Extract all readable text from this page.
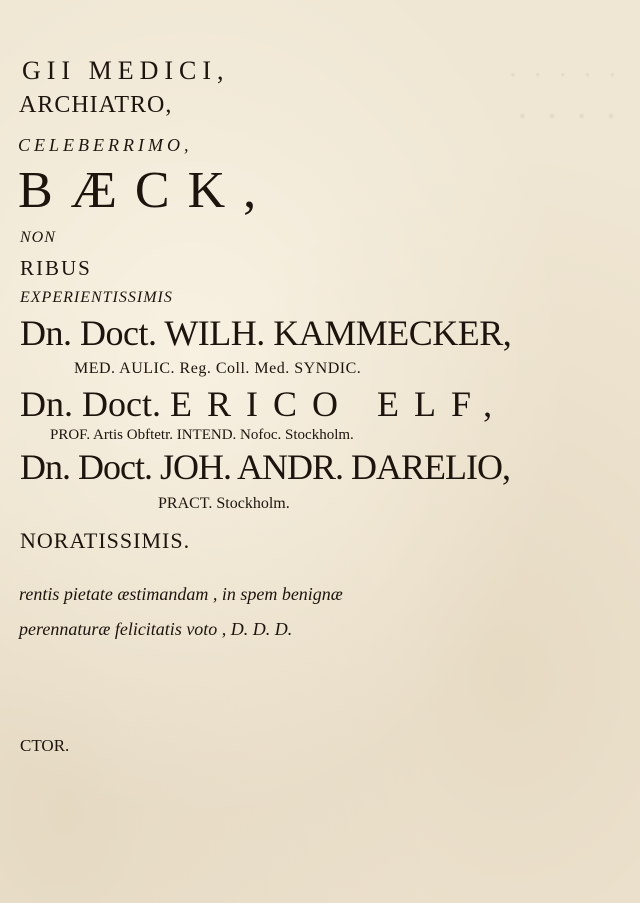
· · · · ·
· · · ·
GII MEDICI,
ARCHIATRO,
CELEBERRIMO,
BÆCK,
NON
RIBUS
EXPERIENTISSIMIS
Dn. Doct. WILH. KAMMECKER,
MED. AULIC. Reg. Coll. Med. SYNDIC.
Dn. Doct. ERICO ELF,
PROF. Artis Obftetr. INTEND. Nofoc. Stockholm.
Dn. Doct. JOH. ANDR. DARELIO,
PRACT. Stockholm.
NORATISSIMIS.
rentis pietate æstimandam , in spem benignæ
perennaturæ felicitatis voto , D. D. D.
CTOR.
